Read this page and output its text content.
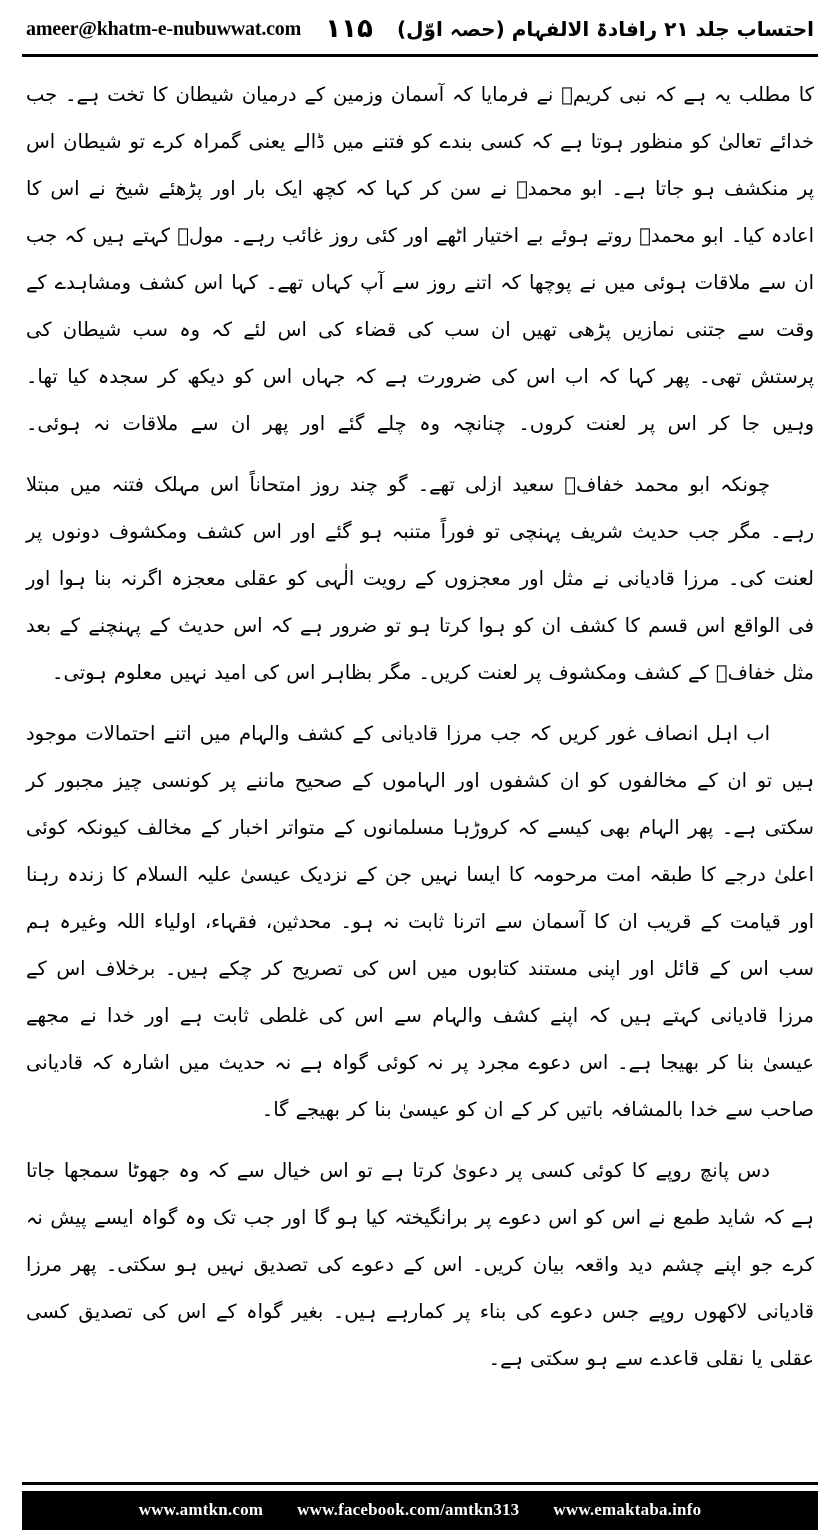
احتساب جلد ۲۱ رافادۃ الالفہام (حصہ اوّل)
۱۱۵
ameer@khatm-e-nubuwwat.com

کا مطلب یہ ہے کہ نبی کریمﷺ نے فرمایا کہ آسمان وزمین کے درمیان شیطان کا تخت ہے۔ جب خدائے تعالیٰ کو منظور ہوتا ہے کہ کسی بندے کو فتنے میں ڈالے یعنی گمراہ کرے تو شیطان اس پر منکشف ہو جاتا ہے۔ ابو محمدؒ نے سن کر کہا کہ کچھ ایک بار اور پڑھئے شیخ نے اس کا اعادہ کیا۔ ابو محمدؒ روتے ہوئے بے اختیار اٹھے اور کئی روز غائب رہے۔ مولؒ کہتے ہیں کہ جب ان سے ملاقات ہوئی میں نے پوچھا کہ اتنے روز سے آپ کہاں تھے۔ کہا اس کشف ومشاہدے کے وقت سے جتنی نمازیں پڑھی تھیں ان سب کی قضاء کی اس لئے کہ وہ سب شیطان کی پرستش تھی۔ پھر کہا کہ اب اس کی ضرورت ہے کہ جہاں اس کو دیکھ کر سجدہ کیا تھا۔ وہیں جا کر اس پر لعنت کروں۔ چنانچہ وہ چلے گئے اور پھر ان سے ملاقات نہ ہوئی۔

چونکہ ابو محمد خفافؒ سعید ازلی تھے۔ گو چند روز امتحاناً اس مہلک فتنہ میں مبتلا رہے۔ مگر جب حدیث شریف پہنچی تو فوراً متنبہ ہو گئے اور اس کشف ومکشوف دونوں پر لعنت کی۔ مرزا قادیانی نے مثل اور معجزوں کے رویت الٰہی کو عقلی معجزہ اگرنہ بنا ہوا اور فی الواقع اس قسم کا کشف ان کو ہوا کرتا ہو تو ضرور ہے کہ اس حدیث کے پہنچنے کے بعد مثل خفافؒ کے کشف ومکشوف پر لعنت کریں۔ مگر بظاہر اس کی امید نہیں معلوم ہوتی۔

اب اہل انصاف غور کریں کہ جب مرزا قادیانی کے کشف والہام میں اتنے احتمالات موجود ہیں تو ان کے مخالفوں کو ان کشفوں اور الہاموں کے صحیح ماننے پر کونسی چیز مجبور کر سکتی ہے۔ پھر الہام بھی کیسے کہ کروڑہا مسلمانوں کے متواتر اخبار کے مخالف کیونکہ کوئی اعلیٰ درجے کا طبقہ امت مرحومہ کا ایسا نہیں جن کے نزدیک عیسیٰ علیہ السلام کا زندہ رہنا اور قیامت کے قریب ان کا آسمان سے اترنا ثابت نہ ہو۔ محدثین، فقہاء، اولیاء اللہ وغیرہ ہم سب اس کے قائل اور اپنی مستند کتابوں میں اس کی تصریح کر چکے ہیں۔ برخلاف اس کے مرزا قادیانی کہتے ہیں کہ اپنے کشف والہام سے اس کی غلطی ثابت ہے اور خدا نے مجھے عیسیٰ بنا کر بھیجا ہے۔ اس دعوے مجرد پر نہ کوئی گواہ ہے نہ حدیث میں اشارہ کہ قادیانی صاحب سے خدا بالمشافہ باتیں کر کے ان کو عیسیٰ بنا کر بھیجے گا۔

دس پانچ روپے کا کوئی کسی پر دعویٰ کرتا ہے تو اس خیال سے کہ وہ جھوٹا سمجھا جاتا ہے کہ شاید طمع نے اس کو اس دعوے پر برانگیختہ کیا ہو گا اور جب تک وہ گواہ ایسے پیش نہ کرے جو اپنے چشم دید واقعہ بیان کریں۔ اس کے دعوے کی تصدیق نہیں ہو سکتی۔ پھر مرزا قادیانی لاکھوں روپے جس دعوے کی بناء پر کمارہے ہیں۔ بغیر گواہ کے اس کی تصدیق کسی عقلی یا نقلی قاعدے سے ہو سکتی ہے۔

www.amtkn.com www.facebook.com/amtkn313 www.emaktaba.info
